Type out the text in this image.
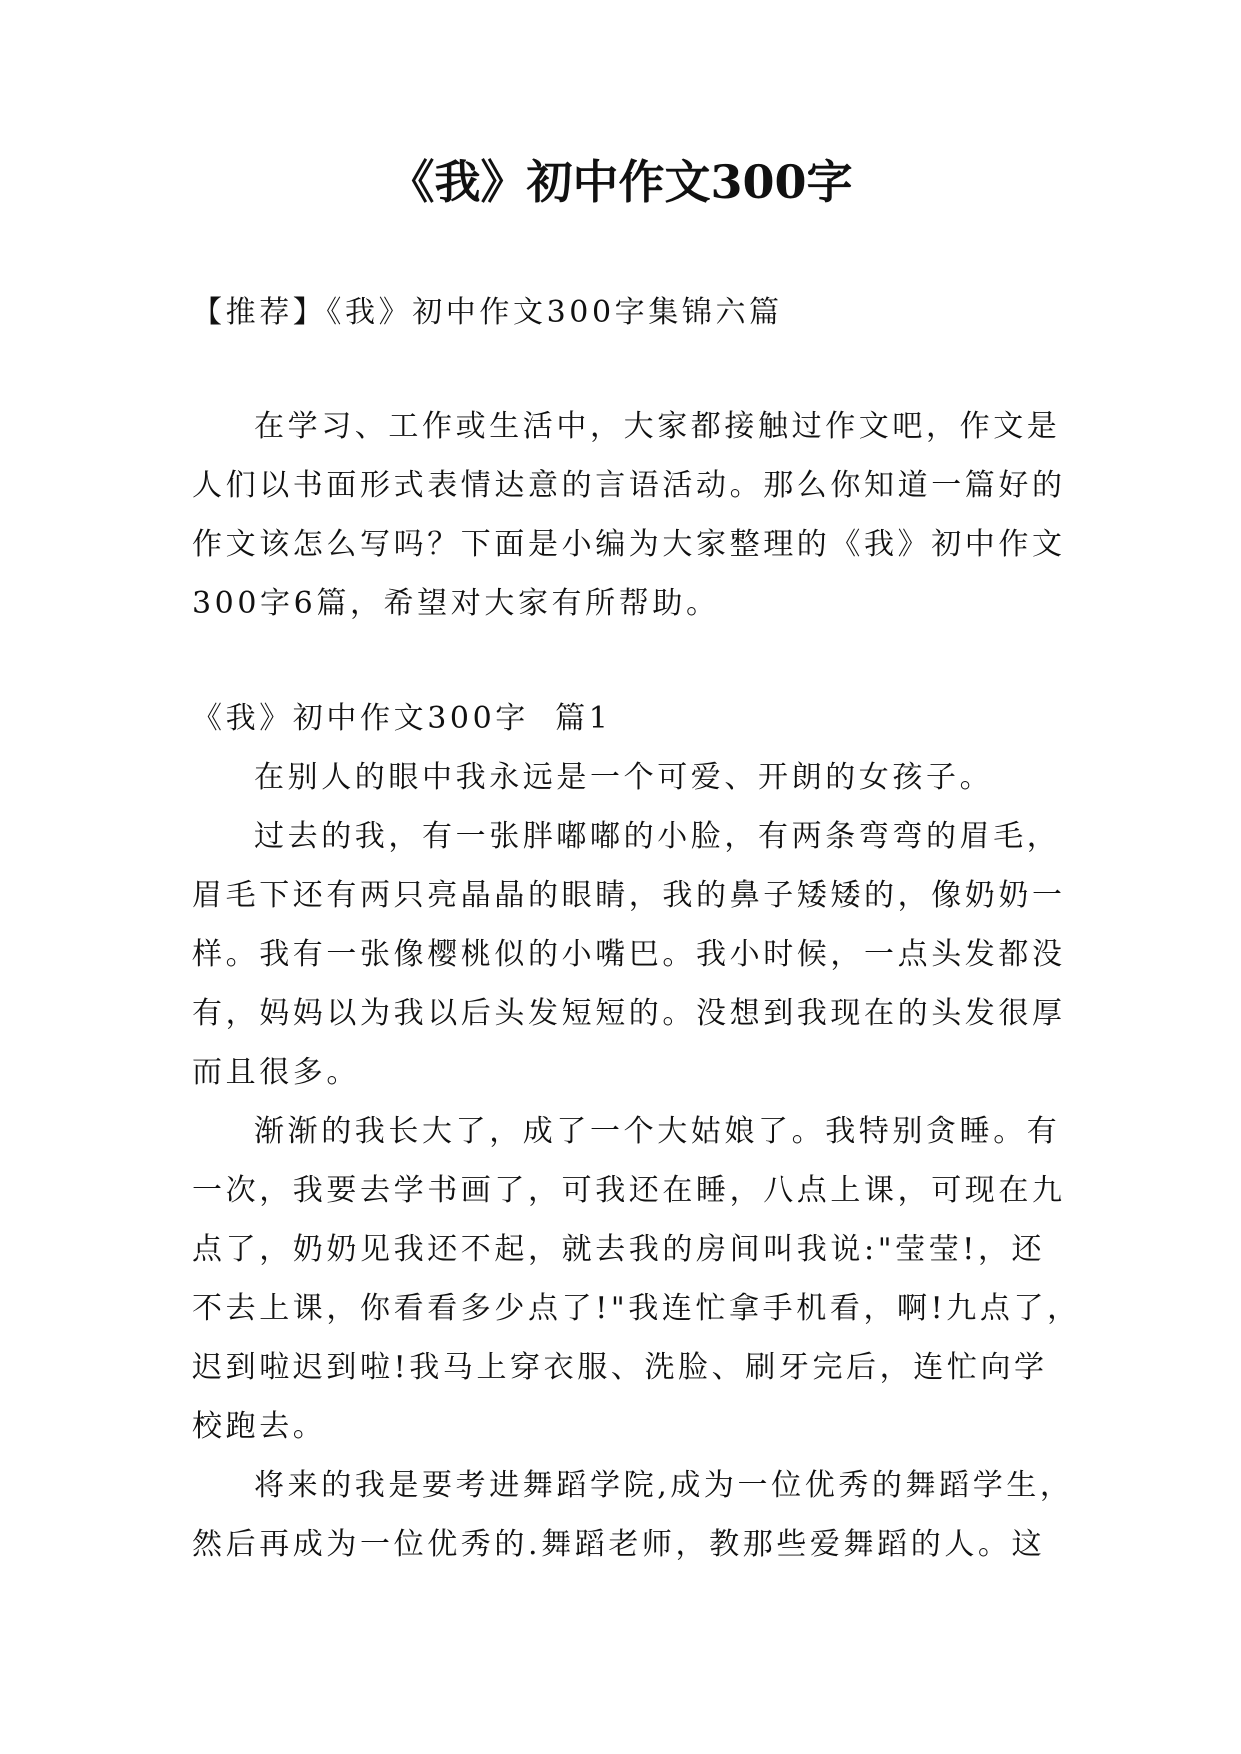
《我》初中作文300字

【推荐】《我》初中作文300字集锦六篇

在学习、工作或生活中，大家都接触过作文吧，作文是
人们以书面形式表情达意的言语活动。那么你知道一篇好的
作文该怎么写吗？下面是小编为大家整理的《我》初中作文
300字6篇，希望对大家有所帮助。

《我》初中作文300字  篇1

在别人的眼中我永远是一个可爱、开朗的女孩子。

过去的我，有一张胖嘟嘟的小脸，有两条弯弯的眉毛，
眉毛下还有两只亮晶晶的眼睛，我的鼻子矮矮的，像奶奶一
样。我有一张像樱桃似的小嘴巴。我小时候，一点头发都没
有，妈妈以为我以后头发短短的。没想到我现在的头发很厚
而且很多。

渐渐的我长大了，成了一个大姑娘了。我特别贪睡。有
一次，我要去学书画了，可我还在睡，八点上课，可现在九
点了，奶奶见我还不起，就去我的房间叫我说:"莹莹!，还
不去上课，你看看多少点了!"我连忙拿手机看，啊!九点了，
迟到啦迟到啦!我马上穿衣服、洗脸、刷牙完后，连忙向学
校跑去。

将来的我是要考进舞蹈学院,成为一位优秀的舞蹈学生，
然后再成为一位优秀的.舞蹈老师，教那些爱舞蹈的人。这
